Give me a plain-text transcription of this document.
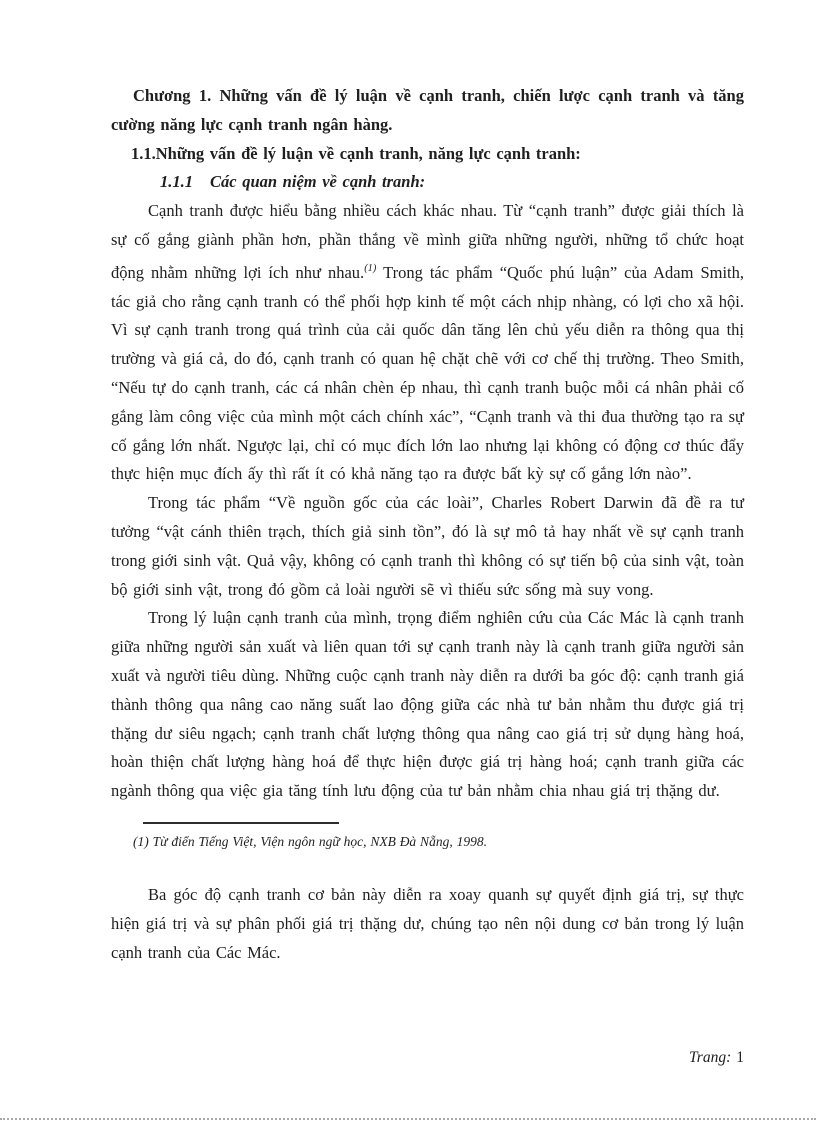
Chương 1. Những vấn đề lý luận về cạnh tranh, chiến lược cạnh tranh và tăng cường năng lực cạnh tranh ngân hàng.

1.1.Những vấn đề lý luận về cạnh tranh, năng lực cạnh tranh:

1.1.1 Các quan niệm về cạnh tranh:

Cạnh tranh được hiểu bằng nhiều cách khác nhau. Từ “cạnh tranh” được giải thích là sự cố gắng giành phần hơn, phần thắng về mình giữa những người, những tổ chức hoạt động nhằm những lợi ích như nhau.$^{(1)}$ Trong tác phẩm “Quốc phú luận” của Adam Smith, tác giả cho rằng cạnh tranh có thể phối hợp kinh tế một cách nhịp nhàng, có lợi cho xã hội. Vì sự cạnh tranh trong quá trình của cải quốc dân tăng lên chủ yếu diễn ra thông qua thị trường và giá cả, do đó, cạnh tranh có quan hệ chặt chẽ với cơ chế thị trường. Theo Smith, “Nếu tự do cạnh tranh, các cá nhân chèn ép nhau, thì cạnh tranh buộc mỗi cá nhân phải cố gắng làm công việc của mình một cách chính xác”, “Cạnh tranh và thi đua thường tạo ra sự cố gắng lớn nhất. Ngược lại, chỉ có mục đích lớn lao nhưng lại không có động cơ thúc đẩy thực hiện mục đích ấy thì rất ít có khả năng tạo ra được bất kỳ sự cố gắng lớn nào”.

Trong tác phẩm “Về nguồn gốc của các loài”, Charles Robert Darwin đã đề ra tư tưởng “vật cánh thiên trạch, thích giả sinh tồn”, đó là sự mô tả hay nhất về sự cạnh tranh trong giới sinh vật. Quả vậy, không có cạnh tranh thì không có sự tiến bộ của sinh vật, toàn bộ giới sinh vật, trong đó gồm cả loài người sẽ vì thiếu sức sống mà suy vong.

Trong lý luận cạnh tranh của mình, trọng điểm nghiên cứu của Các Mác là cạnh tranh giữa những người sản xuất và liên quan tới sự cạnh tranh này là cạnh tranh giữa người sản xuất và người tiêu dùng. Những cuộc cạnh tranh này diễn ra dưới ba góc độ: cạnh tranh giá thành thông qua nâng cao năng suất lao động giữa các nhà tư bản nhằm thu được giá trị thặng dư siêu ngạch; cạnh tranh chất lượng thông qua nâng cao giá trị sử dụng hàng hoá, hoàn thiện chất lượng hàng hoá để thực hiện được giá trị hàng hoá; cạnh tranh giữa các ngành thông qua việc gia tăng tính lưu động của tư bản nhằm chia nhau giá trị thặng dư.

(1) Từ điển Tiếng Việt, Viện ngôn ngữ học, NXB Đà Nẵng, 1998.

Ba góc độ cạnh tranh cơ bản này diễn ra xoay quanh sự quyết định giá trị, sự thực hiện giá trị và sự phân phối giá trị thặng dư, chúng tạo nên nội dung cơ bản trong lý luận cạnh tranh của Các Mác.

Trang: 1
